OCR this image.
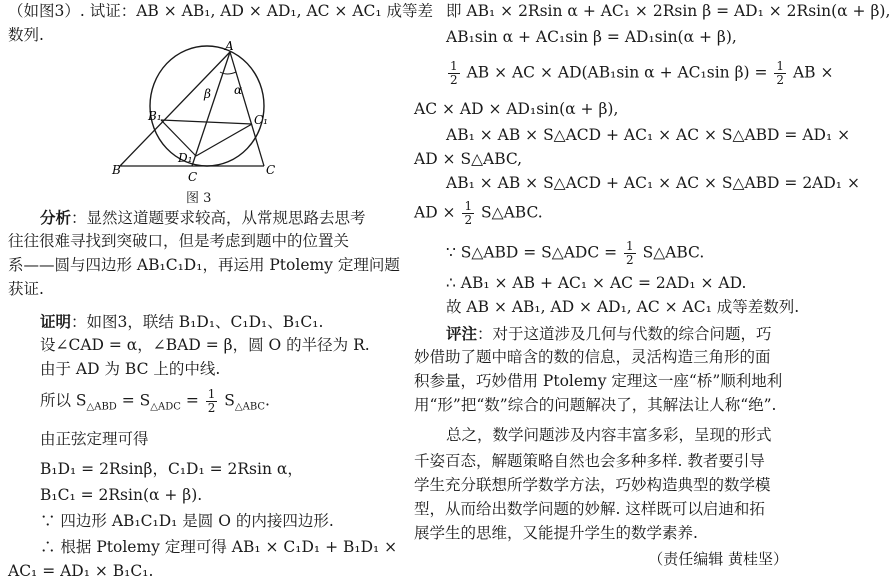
（如图3）. 试证：AB × AB₁, AD × AD₁, AC × AC₁ 成等差
数列.
A
B	C
B₁	C₁
D₁
C
β α
图 3
分析：显然这道题要求较高，从常规思路去思考
往往很难寻找到突破口，但是考虑到题中的位置关
系——圆与四边形 AB₁C₁D₁，再运用 Ptolemy 定理问题
获证.
证明：如图3，联结 B₁D₁、C₁D₁、B₁C₁.
设∠CAD = α，∠BAD = β，圆 O 的半径为 R.
由于 AD 为 BC 上的中线.
所以 $S_{\triangle ABD} = S_{\triangle ADC} = \frac{1}{2} S_{\triangle ABC}$.
由正弦定理可得
B₁D₁ = 2Rsinβ，C₁D₁ = 2Rsin α，
B₁C₁ = 2Rsin(α + β).
∵ 四边形 AB₁C₁D₁ 是圆 O 的内接四边形.
∴ 根据 Ptolemy 定理可得 AB₁ × C₁D₁ + B₁D₁ ×
AC₁ = AD₁ × B₁C₁.
即 AB₁ × 2Rsin α + AC₁ × 2Rsin β = AD₁ × 2Rsin(α + β),
AB₁sin α + AC₁sin β = AD₁sin(α + β),
$\frac{1}{2}$ AB × AC × AD(AB₁sin α + AC₁sin $\beta) = \frac{1}{2}$ AB ×
AC × AD × AD₁sin(α + β),
AB₁ × AB × S△ACD + AC₁ × AC × S△ABD = AD₁ ×
AD × S△ABC,
AB₁ × AB × S△ACD + AC₁ × AC × S△ABD = 2AD₁ ×
AD × $\frac{1}{2}$ S△ABC.
∵ S△ABD = S△ADC = $\frac{1}{2}$ S△ABC.
∴ AB₁ × AB + AC₁ × AC = 2AD₁ × AD.
故 AB × AB₁, AD × AD₁, AC × AC₁ 成等差数列.
评注：对于这道涉及几何与代数的综合问题，巧
妙借助了题中暗含的数的信息，灵活构造三角形的面
积参量，巧妙借用 Ptolemy 定理这一座“桥”顺利地利
用“形”把“数”综合的问题解决了，其解法让人称“绝”.
总之，数学问题涉及内容丰富多彩，呈现的形式
千姿百态，解题策略自然也会多种多样. 教者要引导
学生充分联想所学数学方法，巧妙构造典型的数学模
型，从而给出数学问题的妙解. 这样既可以启迪和拓
展学生的思维，又能提升学生的数学素养.
（责任编辑 黄桂坚）
